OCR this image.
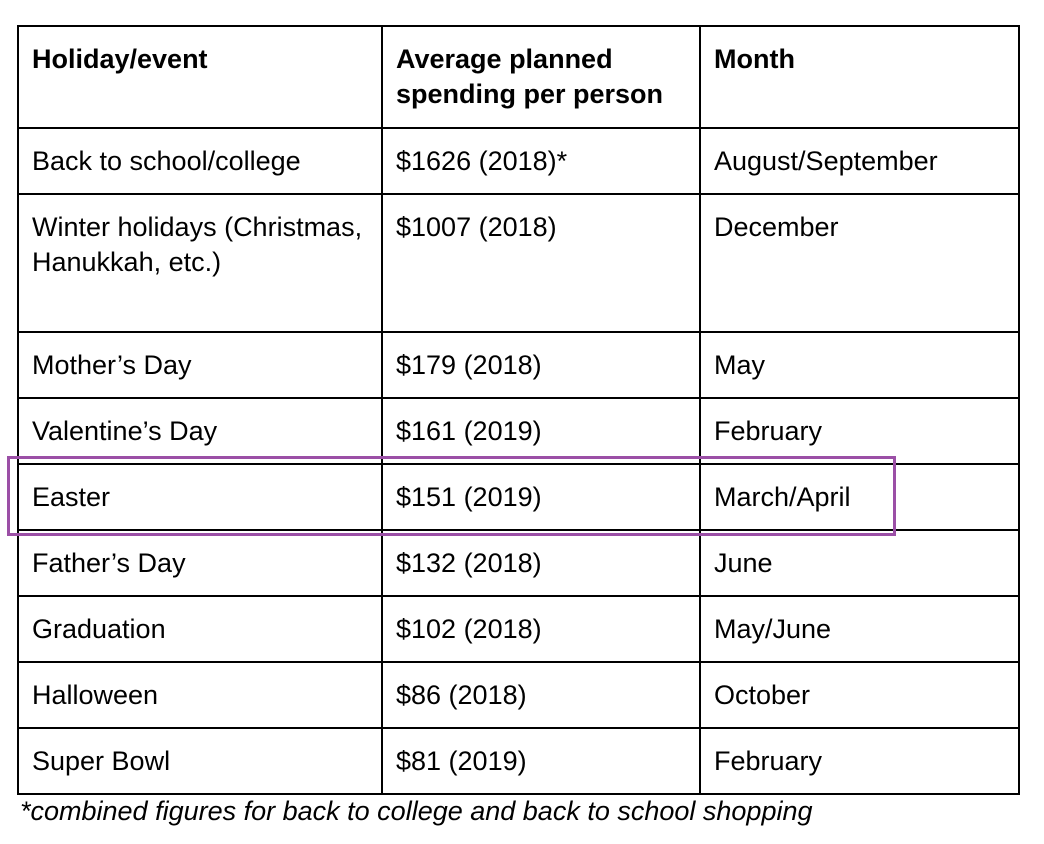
Holiday/event	Average planned spending per person	Month
Back to school/college	$1626 (2018)*	August/September
Winter holidays (Christmas, Hanukkah, etc.)	$1007 (2018)	December
Mother’s Day	$179 (2018)	May
Valentine’s Day	$161 (2019)	February
Easter	$151 (2019)	March/April
Father’s Day	$132 (2018)	June
Graduation	$102 (2018)	May/June
Halloween	$86 (2018)	October
Super Bowl	$81 (2019)	February
*combined figures for back to college and back to school shopping
